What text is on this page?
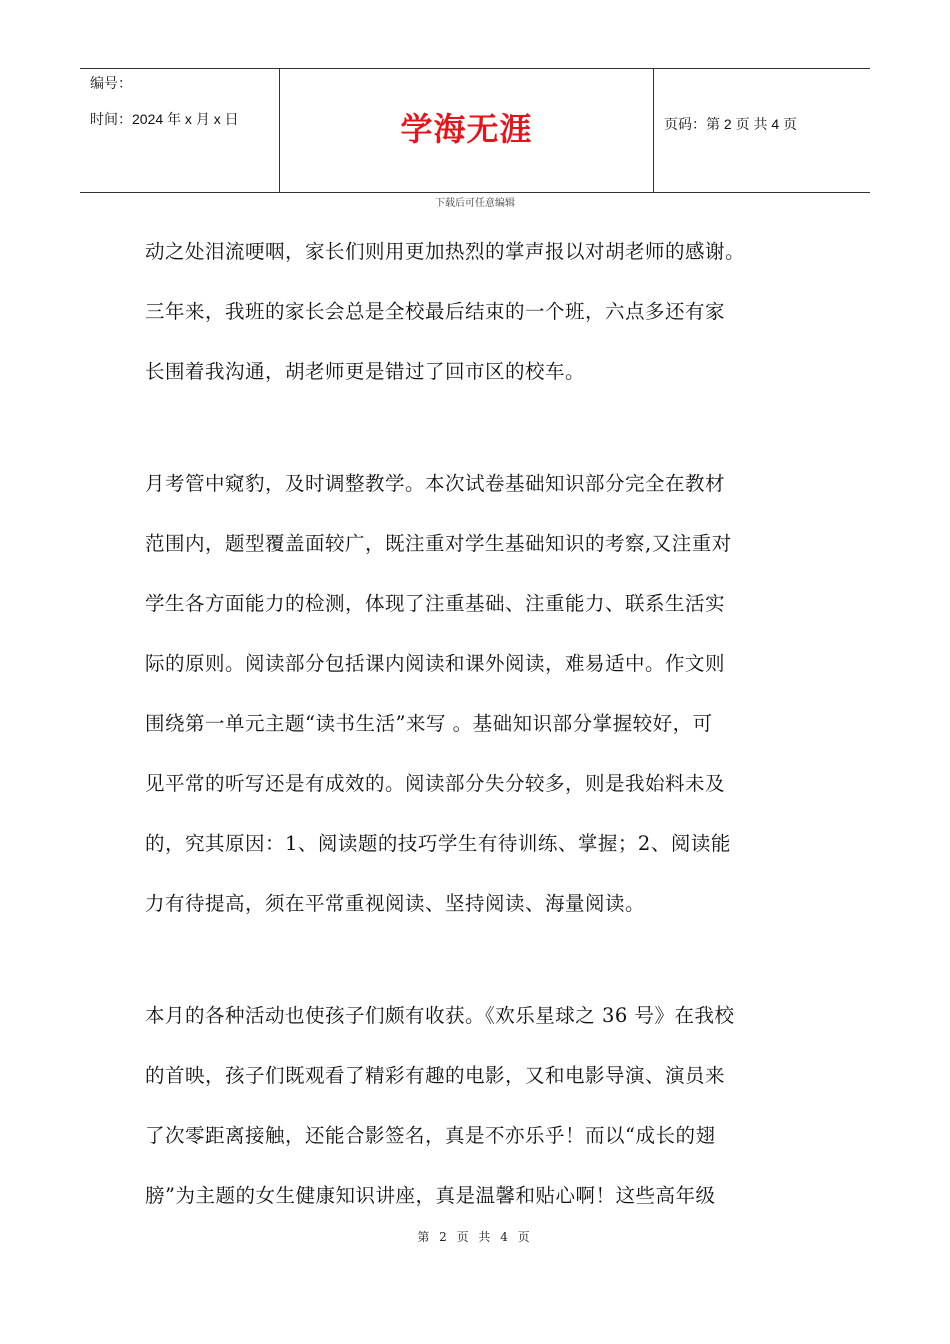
编号：
时间：2024 年 x 月 x 日	学海无涯	页码：第 2 页 共 4 页
下载后可任意编辑
动之处泪流哽咽，家长们则用更加热烈的掌声报以对胡老师的感谢。
三年来，我班的家长会总是全校最后结束的一个班，六点多还有家
长围着我沟通，胡老师更是错过了回市区的校车。
月考管中窥豹，及时调整教学。本次试卷基础知识部分完全在教材
范围内，题型覆盖面较广，既注重对学生基础知识的考察,又注重对
学生各方面能力的检测，体现了注重基础、注重能力、联系生活实
际的原则。阅读部分包括课内阅读和课外阅读，难易适中。作文则
围绕第一单元主题“读书生活”来写 。基础知识部分掌握较好，可
见平常的听写还是有成效的。阅读部分失分较多，则是我始料未及
的，究其原因：1、阅读题的技巧学生有待训练、掌握；2、阅读能
力有待提高，须在平常重视阅读、坚持阅读、海量阅读。
本月的各种活动也使孩子们颇有收获。《欢乐星球之 36 号》在我校
的首映，孩子们既观看了精彩有趣的电影，又和电影导演、演员来
了次零距离接触，还能合影签名，真是不亦乐乎！而以“成长的翅
膀”为主题的女生健康知识讲座，真是温馨和贴心啊！这些高年级
第 2 页 共 4 页
